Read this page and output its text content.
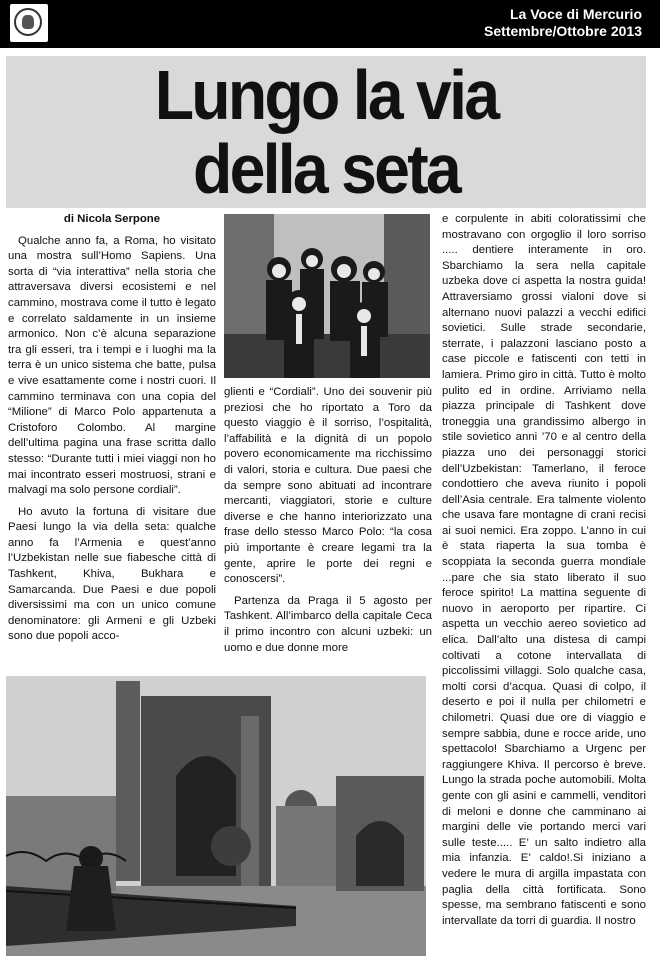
La Voce di Mercurio
Settembre/Ottobre 2013
Lungo la via
della seta

di Nicola Serpone

Qualche anno fa, a Roma, ho visitato una mostra sull’Homo Sapiens. Una sorta di “via interattiva” nella storia che attraversava diversi ecosistemi e nel cammino, mostrava come il tutto è legato e correlato saldamente in un insieme armonico. Non c’è alcuna separazione tra gli esseri, tra i tempi e i luoghi ma la terra è un unico sistema che batte, pulsa e vive esattamente come i nostri cuori. Il cammino terminava con una copia del “Milione” di Marco Polo appartenuta a Cristoforo Colombo. Al margine dell’ultima pagina una frase scritta dallo stesso: “Durante tutti i miei viaggi non ho mai incontrato esseri mostruosi, strani e malvagi ma solo persone cordiali”.

Ho avuto la fortuna di visitare due Paesi lungo la via della seta: qualche anno fa l’Armenia e quest’anno l’Uzbekistan nelle sue fiabesche città di Tashkent, Khiva, Bukhara e Samarcanda. Due Paesi e due popoli diversissimi ma con un unico comune denominatore: gli Armeni e gli Uzbeki sono due popoli acco-

glienti e “Cordiali”. Uno dei souvenir più preziosi che ho riportato a Toro da questo viaggio è il sorriso, l’ospitalità, l’affabilità e la dignità di un popolo povero economicamente ma ricchissimo di valori, storia e cultura. Due paesi che da sempre sono abituati ad incontrare mercanti, viaggiatori, storie e culture diverse e che hanno interiorizzato una frase dello stesso Marco Polo: “la cosa più importante è creare legami tra la gente, aprire le porte dei regni e conoscersi”.

Partenza da Praga il 5 agosto per Tashkent. All’imbarco della capitale Ceca il primo incontro con alcuni uzbeki: un uomo e due donne more

e corpulente in abiti coloratissimi che mostravano con orgoglio il loro sorriso ..... dentiere interamente in oro. Sbarchiamo la sera nella capitale uzbeka dove ci aspetta la nostra guida! Attraversiamo grossi vialoni dove si alternano nuovi palazzi a vecchi edifici sovietici. Sulle strade secondarie, sterrate, i palazzoni lasciano posto a case piccole e fatiscenti con tetti in lamiera. Primo giro in città. Tutto è molto pulito ed in ordine. Arriviamo nella piazza principale di Tashkent dove troneggia una grandissimo albergo in stile sovietico anni ’70 e al centro della piazza uno dei personaggi storici dell’Uzbekistan: Tamerlano, il feroce condottiero che aveva riunito i popoli dell’Asia centrale. Era talmente violento che usava fare montagne di crani recisi ai suoi nemici. Era zoppo. L’anno in cui è stata riaperta la sua tomba è scoppiata la seconda guerra mondiale ...pare che sia stato liberato il suo feroce spirito! La mattina seguente di nuovo in aeroporto per ripartire. Ci aspetta un vecchio aereo sovietico ad elica. Dall’alto una distesa di campi coltivati a cotone intervallata di piccolissimi villaggi. Solo qualche casa, molti corsi d’acqua. Quasi di colpo, il deserto e poi il nulla per chilometri e chilometri. Quasi due ore di viaggio e sempre sabbia, dune e rocce aride, uno spettacolo! Sbarchiamo a Urgenc per raggiungere Khiva. Il percorso è breve. Lungo la strada poche automobili. Molta gente con gli asini e cammelli, venditori di meloni e donne che camminano ai margini delle vie portando merci vari sulle teste..... E’ un salto indietro alla mia infanzia. E’ caldo!.Si iniziano a vedere le mura di argilla impastata con paglia della città fortificata. Sono spesse, ma sembrano fatiscenti e sono intervallate da torri di guardia. Il nostro
